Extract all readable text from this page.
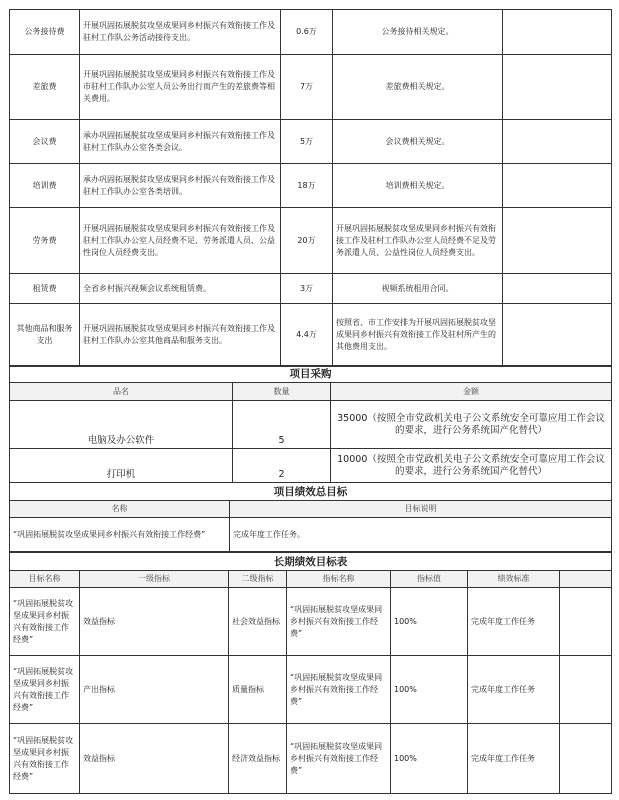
公务接待费	开展巩固拓展脱贫攻坚成果同乡村振兴有效衔接工作及驻村工作队公务活动接待支出。	0.6万	公务接待相关规定。	
差旅费	开展巩固拓展脱贫攻坚成果同乡村振兴有效衔接工作及市驻村工作队办公室人员公务出行而产生的差旅费等相关费用。	7万	差旅费相关规定。	
会议费	承办巩固拓展脱贫攻坚成果同乡村振兴有效衔接工作及驻村工作队办公室各类会议。	5万	会议费相关规定。	
培训费	承办巩固拓展脱贫攻坚成果同乡村振兴有效衔接工作及驻村工作队办公室各类培训。	18万	培训费相关规定。	
劳务费	开展巩固拓展脱贫攻坚成果同乡村振兴有效衔接工作及驻村工作队办公室人员经费不足、劳务派遣人员、公益性岗位人员经费支出。	20万	开展巩固拓展脱贫攻坚成果同乡村振兴有效衔接工作及驻村工作队办公室人员经费不足及劳务派遣人员、公益性岗位人员经费支出。	
租赁费	全省乡村振兴视频会议系统租赁费。	3万	视频系统租用合同。	
其他商品和服务支出	开展巩固拓展脱贫攻坚成果同乡村振兴有效衔接工作及驻村工作队办公室其他商品和服务支出。	4.4万	按照省、市工作安排为开展巩固拓展脱贫攻坚成果同乡村振兴有效衔接工作及驻村所产生的其他费用支出。	
项目采购		
品名	数量	金额
电脑及办公软件	5	35000（按照全市党政机关电子公文系统安全可靠应用工作会议的要求，进行公务系统国产化替代）
打印机	2	10000（按照全市党政机关电子公文系统安全可靠应用工作会议的要求，进行公务系统国产化替代）
项目绩效总目标	
名称	目标说明
“巩固拓展脱贫攻坚成果同乡村振兴有效衔接工作经费”	完成年度工作任务。
长期绩效目标表						
目标名称	一级指标	二级指标	指标名称	指标值	绩效标准	
“巩固拓展脱贫攻坚成果同乡村振兴有效衔接工作经费”	效益指标	社会效益指标	“巩固拓展脱贫攻坚成果同乡村振兴有效衔接工作经费”	100%	完成年度工作任务	
“巩固拓展脱贫攻坚成果同乡村振兴有效衔接工作经费”	产出指标	质量指标	“巩固拓展脱贫攻坚成果同乡村振兴有效衔接工作经费”	100%	完成年度工作任务	
“巩固拓展脱贫攻坚成果同乡村振兴有效衔接工作经费”	效益指标	经济效益指标	“巩固拓展脱贫攻坚成果同乡村振兴有效衔接工作经费”	100%	完成年度工作任务	
